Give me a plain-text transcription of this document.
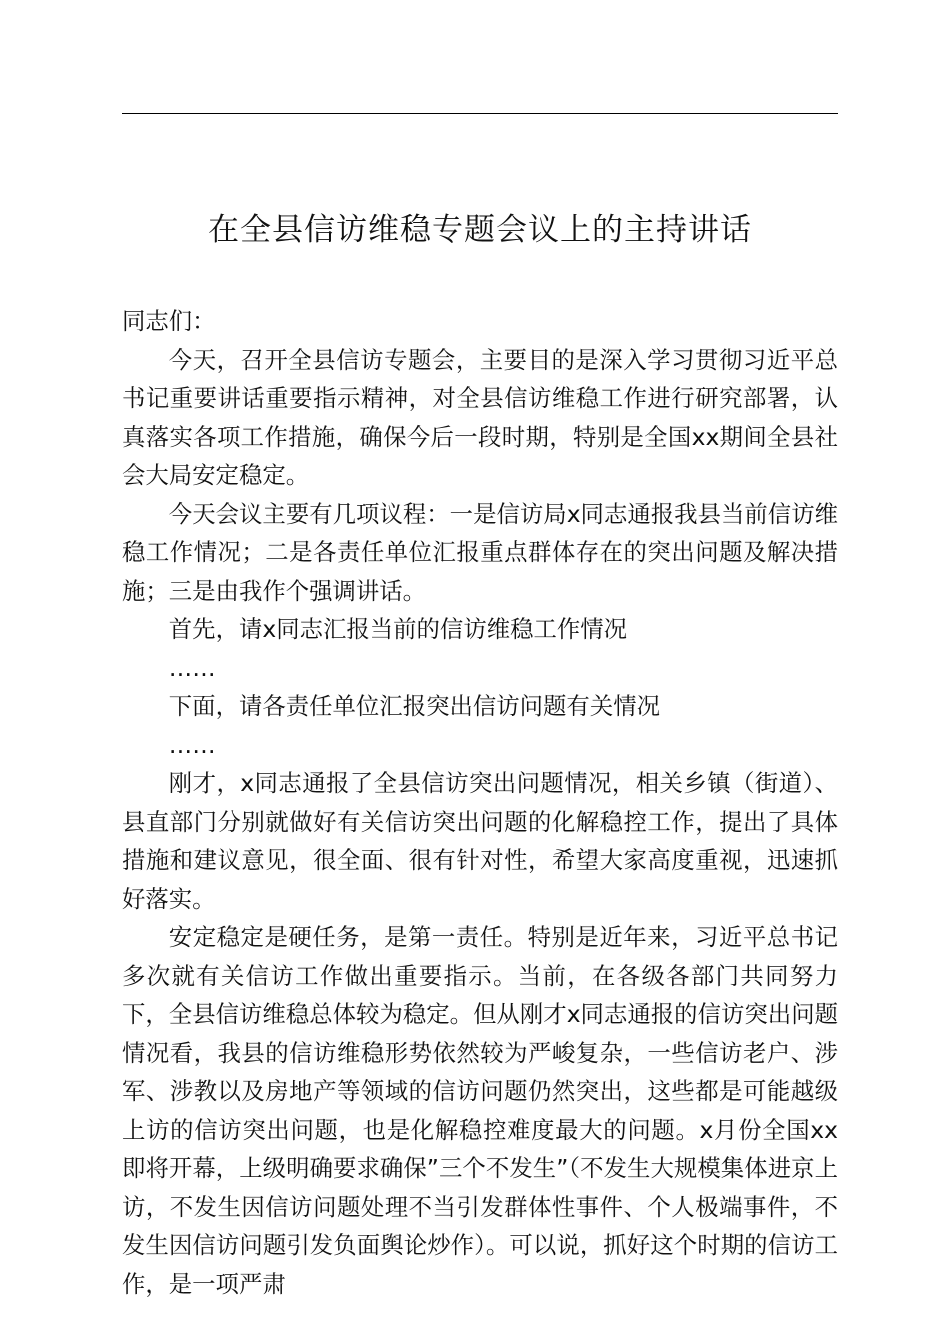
在全县信访维稳专题会议上的主持讲话

同志们：

今天，召开全县信访专题会，主要目的是深入学习贯彻习近平总书记重要讲话重要指示精神，对全县信访维稳工作进行研究部署，认真落实各项工作措施，确保今后一段时期，特别是全国xx期间全县社会大局安定稳定。

今天会议主要有几项议程：一是信访局x同志通报我县当前信访维稳工作情况；二是各责任单位汇报重点群体存在的突出问题及解决措施；三是由我作个强调讲话。

首先，请x同志汇报当前的信访维稳工作情况

……

下面，请各责任单位汇报突出信访问题有关情况

……

刚才，x同志通报了全县信访突出问题情况，相关乡镇（街道）、县直部门分别就做好有关信访突出问题的化解稳控工作，提出了具体措施和建议意见，很全面、很有针对性，希望大家高度重视，迅速抓好落实。

安定稳定是硬任务，是第一责任。特别是近年来，习近平总书记多次就有关信访工作做出重要指示。当前，在各级各部门共同努力下，全县信访维稳总体较为稳定。但从刚才x同志通报的信访突出问题情况看，我县的信访维稳形势依然较为严峻复杂，一些信访老户、涉军、涉教以及房地产等领域的信访问题仍然突出，这些都是可能越级上访的信访突出问题，也是化解稳控难度最大的问题。x月份全国xx即将开幕，上级明确要求确保”三个不发生”（不发生大规模集体进京上访，不发生因信访问题处理不当引发群体性事件、个人极端事件，不发生因信访问题引发负面舆论炒作）。可以说，抓好这个时期的信访工作，是一项严肃
